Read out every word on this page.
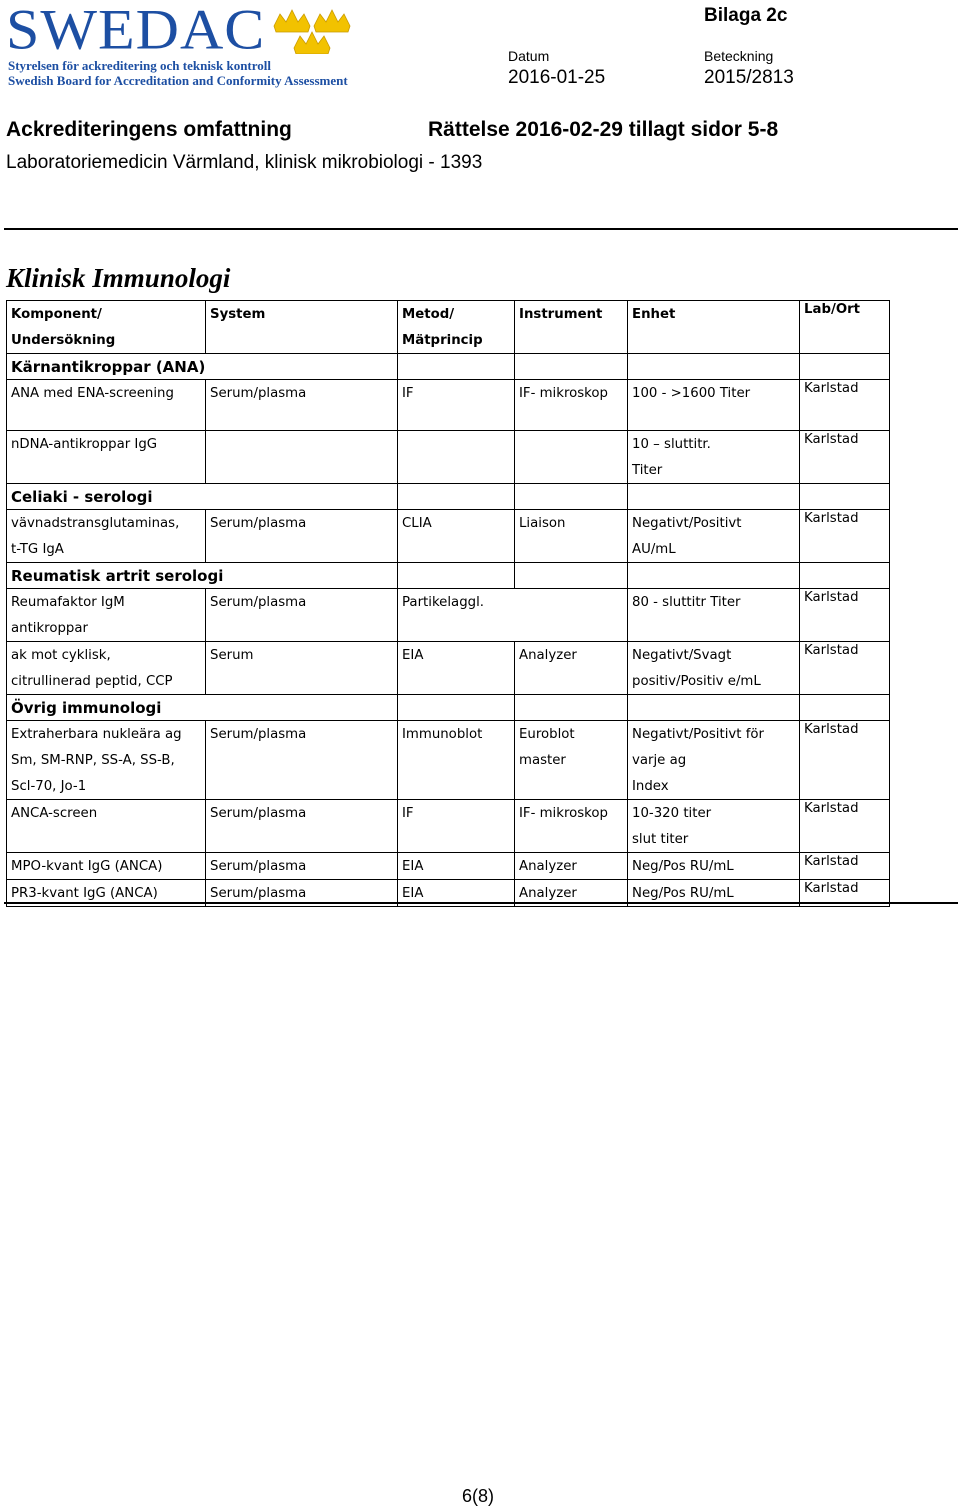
SWEDAC
Styrelsen för ackreditering och teknisk kontroll
Swedish Board for Accreditation and Conformity Assessment
Bilaga 2c
Datum
2016-01-25
Beteckning
2015/2813
Ackrediteringens omfattning	Rättelse 2016-02-29 tillagt sidor 5-8
Laboratoriemedicin Värmland, klinisk mikrobiologi - 1393
Klinisk Immunologi
Komponent/	System	Metod/	Instrument	Enhet	Lab/Ort
Undersökning		Mätprincip			
Kärnantikroppar (ANA)					
ANA med ENA-screening	Serum/plasma	IF	IF- mikroskop	100 - >1600 Titer	Karlstad

nDNA-antikroppar IgG				10 – sluttitr.	Karlstad
				Titer	
Celiaki - serologi					
vävnadstransglutaminas,	Serum/plasma	CLIA	Liaison	Negativt/Positivt	Karlstad
t-TG IgA				AU/mL	
Reumatisk artrit serologi					
Reumafaktor IgM	Serum/plasma	Partikelaggl.		80 - sluttitr Titer	Karlstad
antikroppar					
ak mot cyklisk,	Serum	EIA	Analyzer	Negativt/Svagt	Karlstad
citrullinerad peptid, CCP				positiv/Positiv e/mL	
Övrig immunologi					
Extraherbara nukleära ag	Serum/plasma	Immunoblot	Euroblot	Negativt/Positivt för	Karlstad
Sm, SM-RNP, SS-A, SS-B,			master	varje ag	
Scl-70, Jo-1				Index	
ANCA-screen	Serum/plasma	IF	IF- mikroskop	10-320 titer	Karlstad
				slut titer	
MPO-kvant IgG (ANCA)	Serum/plasma	EIA	Analyzer	Neg/Pos RU/mL	Karlstad
PR3-kvant IgG (ANCA)	Serum/plasma	EIA	Analyzer	Neg/Pos RU/mL	Karlstad
6(8)
